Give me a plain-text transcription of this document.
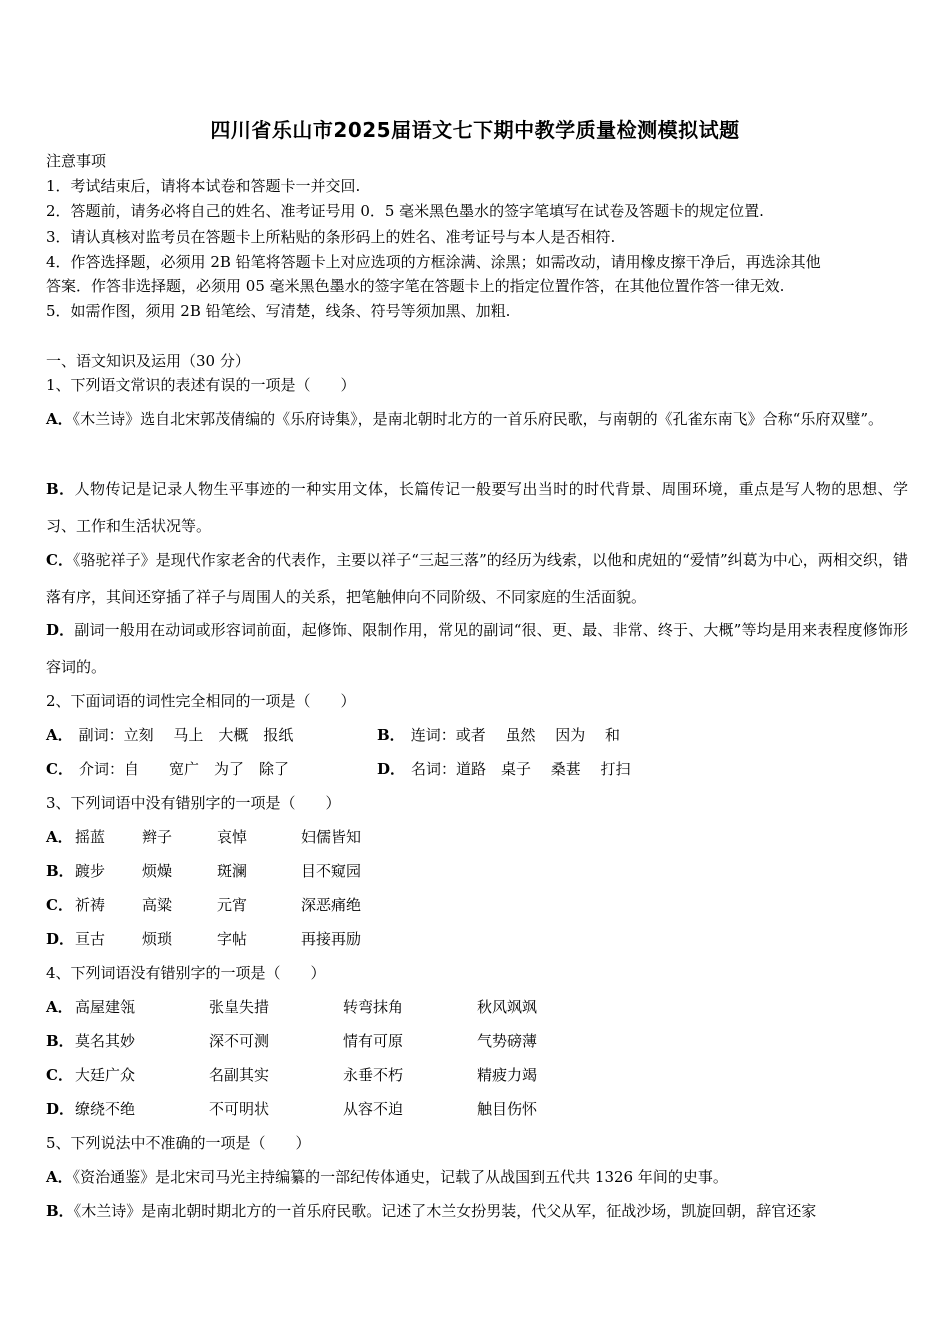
四川省乐山市2025届语文七下期中教学质量检测模拟试题
注意事项
1．考试结束后，请将本试卷和答题卡一并交回.
2．答题前，请务必将自己的姓名、准考证号用 0．5 毫米黑色墨水的签字笔填写在试卷及答题卡的规定位置.
3．请认真核对监考员在答题卡上所粘贴的条形码上的姓名、准考证号与本人是否相符.
4．作答选择题，必须用 2B 铅笔将答题卡上对应选项的方框涂满、涂黑；如需改动，请用橡皮擦干净后，再选涂其他
答案．作答非选择题，必须用 05 毫米黑色墨水的签字笔在答题卡上的指定位置作答，在其他位置作答一律无效.
5．如需作图，须用 2B 铅笔绘、写清楚，线条、符号等须加黑、加粗.
一、语文知识及运用（30 分）
1、下列语文常识的表述有误的一项是（　　）
A．《木兰诗》选自北宋郭茂倩编的《乐府诗集》，是南北朝时北方的一首乐府民歌，与南朝的《孔雀东南飞》合称“乐府双璧”。
B．人物传记是记录人物生平事迹的一种实用文体，长篇传记一般要写出当时的时代背景、周围环境，重点是写人物的思想、学习、工作和生活状况等。
C．《骆驼祥子》是现代作家老舍的代表作，主要以祥子“三起三落”的经历为线索，以他和虎妞的“爱情”纠葛为中心，两相交织，错落有序，其间还穿插了祥子与周围人的关系，把笔触伸向不同阶级、不同家庭的生活面貌。
D．副词一般用在动词或形容词前面，起修饰、限制作用，常见的副词“很、更、最、非常、终于、大概”等均是用来表程度修饰形容词的。
2、下面词语的词性完全相同的一项是（　　）
A． 副词：立刻　 马上　大概　报纸	B． 连词：或者　 虽然　 因为　 和
C． 介词：自　　宽广　为了　除了	D． 名词：道路　桌子　 桑葚　 打扫
3、下列词语中没有错别字的一项是（　　）
A． 摇蓝 辫子	哀悼	妇儒皆知
B． 踱步 烦燥	斑澜	目不窥园
C． 祈祷 高粱	元宵	深恶痛绝
D． 亘古 烦琐	字帖	再接再励
4、下列词语没有错别字的一项是（　　）
A． 高屋建瓴	张皇失措	转弯抹角	秋风飒飒
B． 莫名其妙	深不可测	情有可原	气势磅薄
C． 大廷广众	名副其实	永垂不朽	精疲力竭
D． 缭绕不绝	不可明状	从容不迫	触目伤怀
5、下列说法中不准确的一项是（　　）
A．《资治通鉴》是北宋司马光主持编纂的一部纪传体通史，记载了从战国到五代共 1326 年间的史事。
B．《木兰诗》是南北朝时期北方的一首乐府民歌。记述了木兰女扮男装，代父从军，征战沙场，凯旋回朝，辞官还家
